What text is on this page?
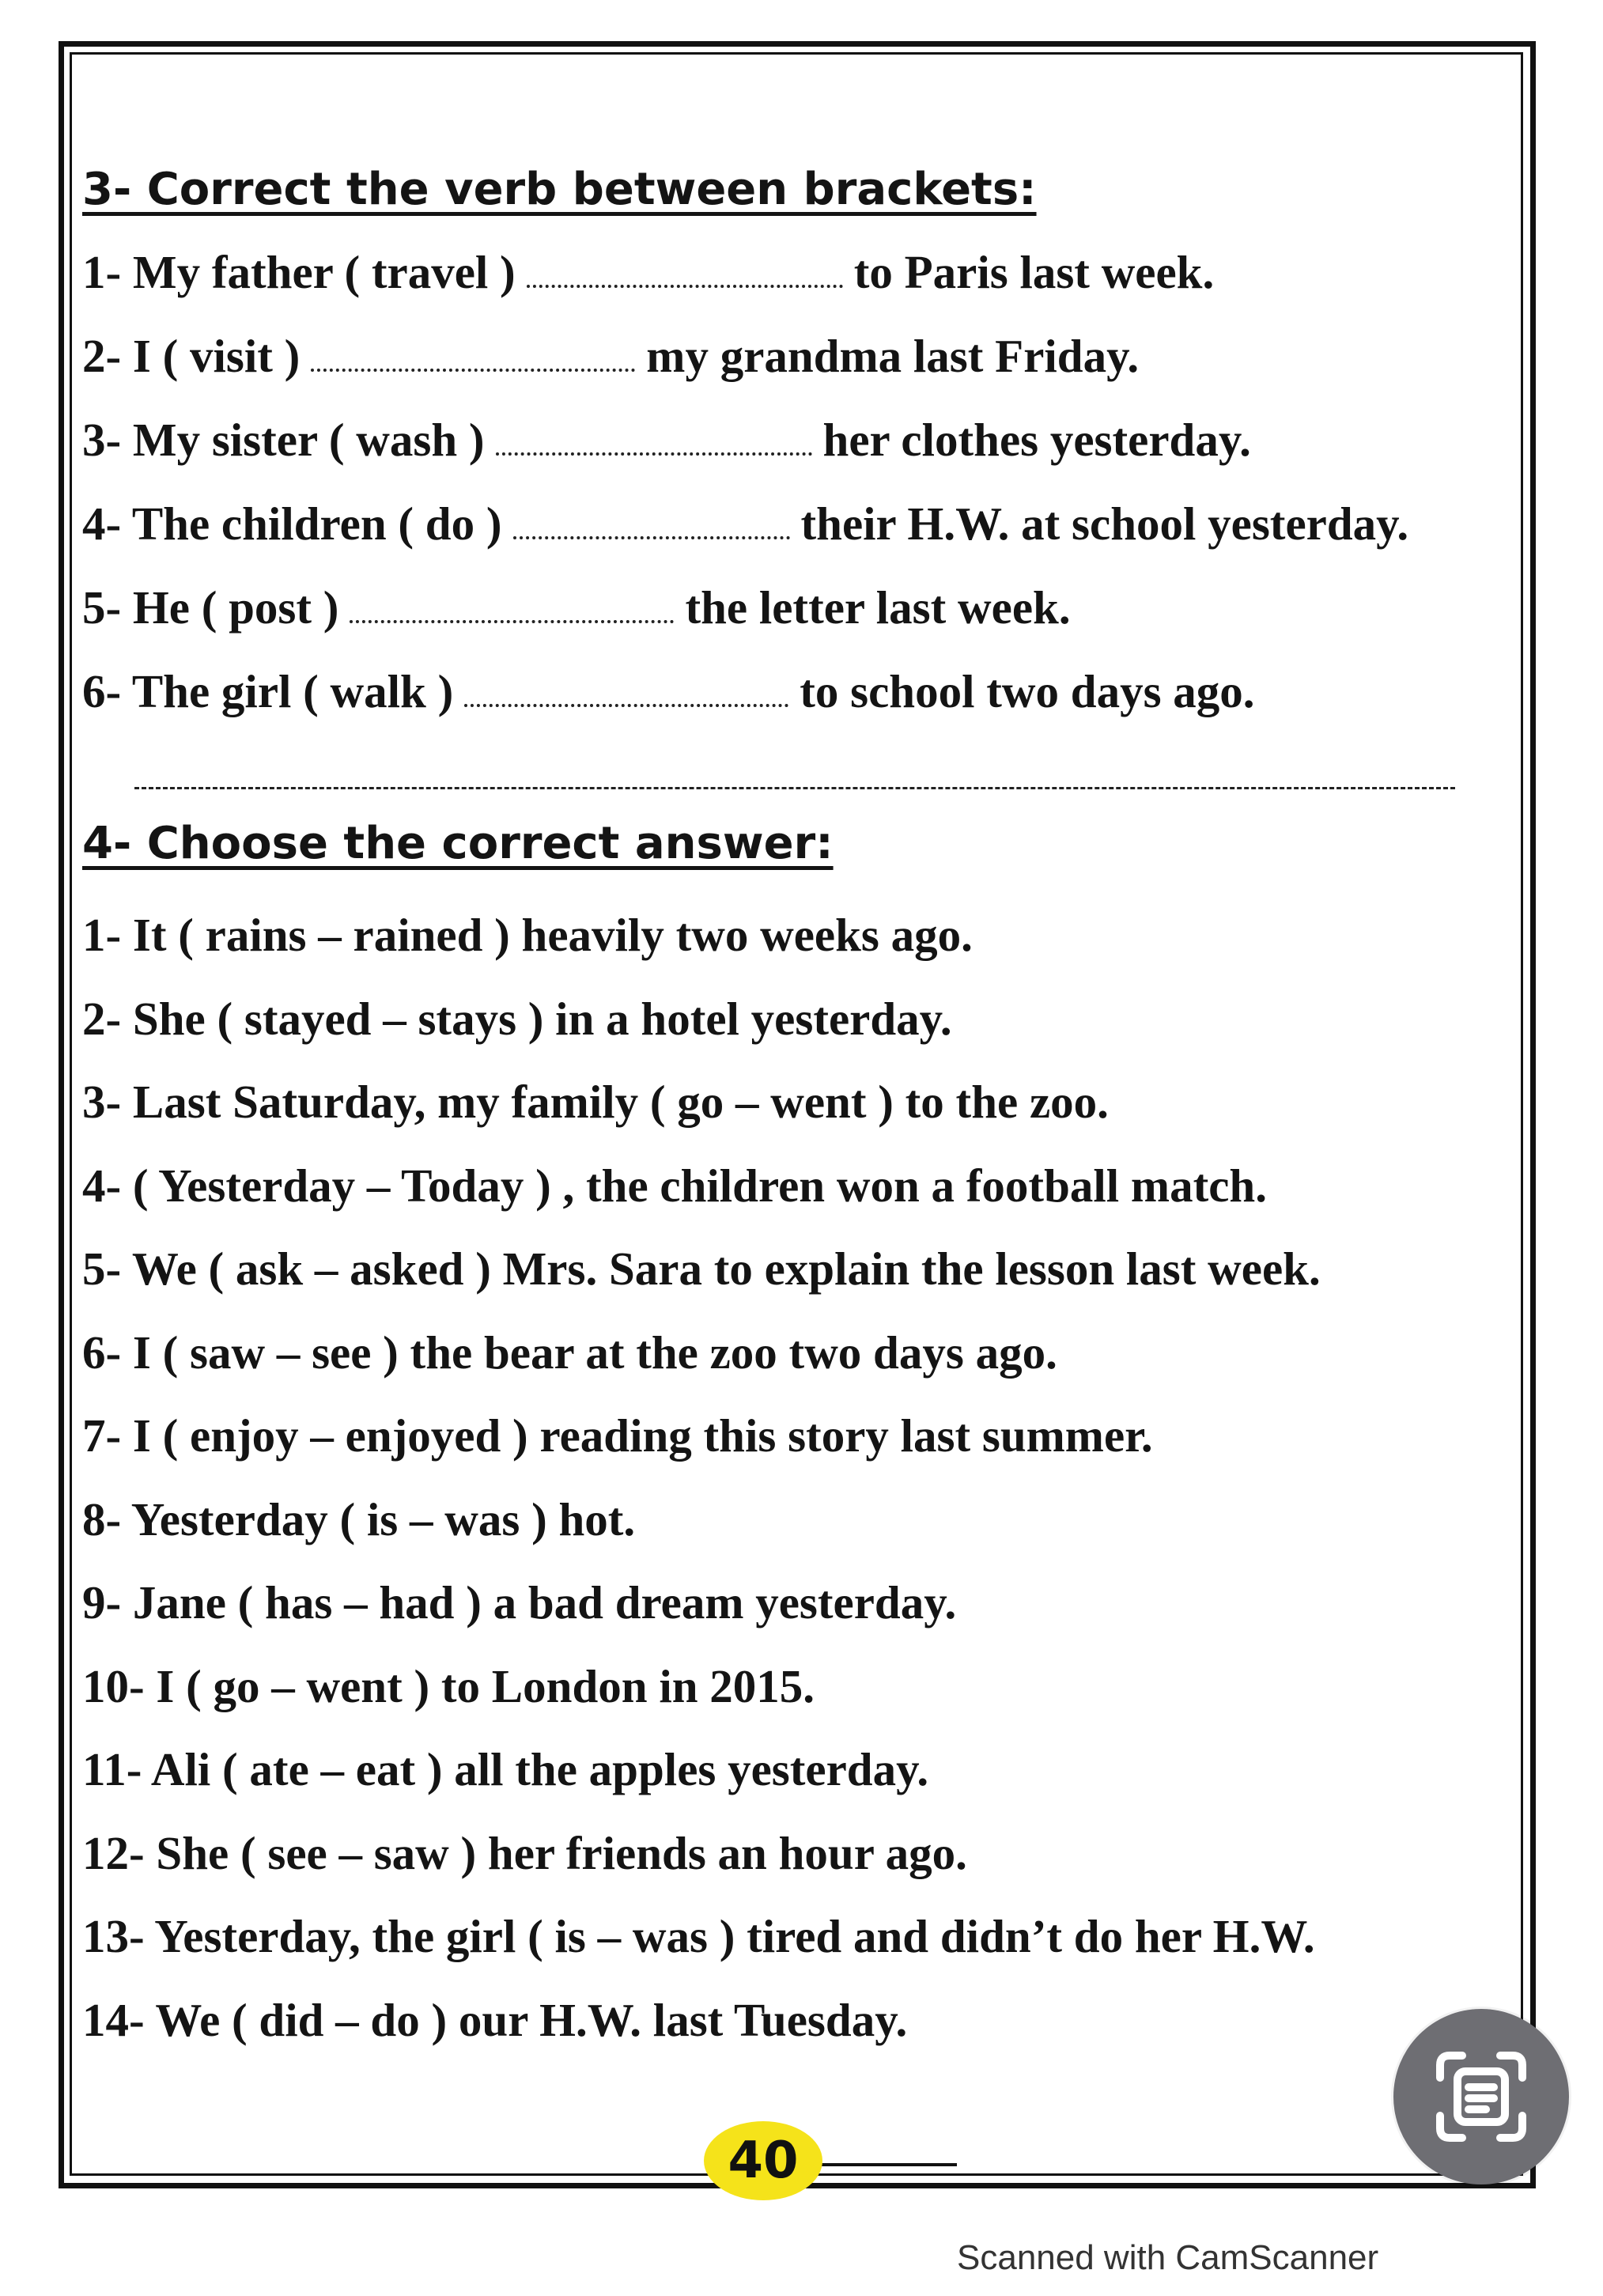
3- Correct the verb between brackets:
1- My father ( travel )	to Paris last week.
2- I ( visit )	my grandma last Friday.
3- My sister ( wash )	her clothes yesterday.
4- The children ( do )	their H.W. at school yesterday.
5- He ( post )	the letter last week.
6- The girl ( walk )	to school two days ago.
4- Choose the correct answer:
1- It ( rains – rained ) heavily two weeks ago.
2- She ( stayed – stays ) in a hotel yesterday.
3- Last Saturday, my family ( go – went ) to the zoo.
4- ( Yesterday – Today ) , the children won a football match.
5- We ( ask – asked ) Mrs. Sara to explain the lesson last week.
6- I ( saw – see ) the bear at the zoo two days ago.
7- I ( enjoy – enjoyed ) reading this story last summer.
8- Yesterday ( is – was ) hot.
9- Jane ( has – had ) a bad dream yesterday.
10- I ( go – went ) to London in 2015.
11- Ali ( ate – eat ) all the apples yesterday.
12- She ( see – saw ) her friends an hour ago.
13- Yesterday, the girl ( is – was ) tired and didn’t do her H.W.
14- We ( did – do ) our H.W. last Tuesday.
40
Scanned with CamScanner
